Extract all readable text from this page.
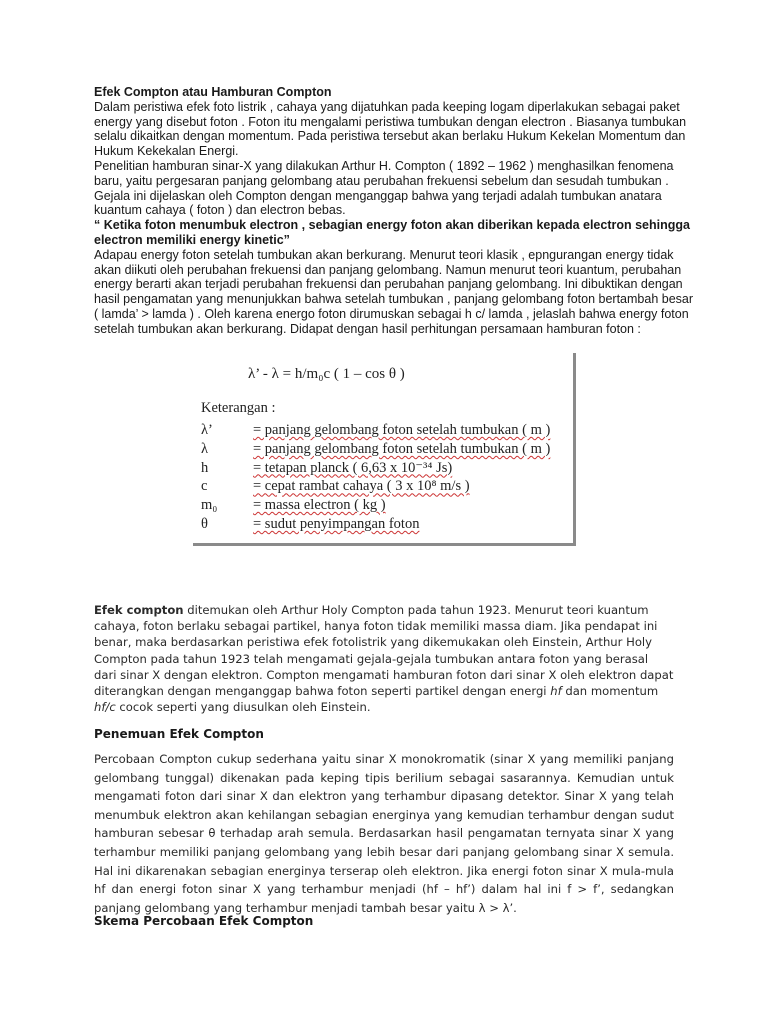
Efek Compton atau Hamburan Compton

Dalam peristiwa efek foto listrik , cahaya yang dijatuhkan pada keeping logam diperlakukan sebagai paket energy yang disebut foton . Foton itu mengalami peristiwa tumbukan dengan electron . Biasanya tumbukan selalu dikaitkan dengan momentum. Pada peristiwa tersebut akan berlaku Hukum Kekelan Momentum dan Hukum Kekekalan Energi.

Penelitian hamburan sinar-X yang dilakukan Arthur H. Compton ( 1892 – 1962 ) menghasilkan fenomena baru, yaitu pergesaran panjang gelombang atau perubahan frekuensi sebelum dan sesudah tumbukan . Gejala ini dijelaskan oleh Compton dengan menganggap bahwa yang terjadi adalah tumbukan anatara kuantum cahaya ( foton ) dan electron bebas.

“ Ketika foton menumbuk electron , sebagian energy foton akan diberikan kepada electron sehingga electron memiliki energy kinetic”

Adapau energy foton setelah tumbukan akan berkurang. Menurut teori klasik , epngurangan energy tidak akan diikuti oleh perubahan frekuensi dan panjang gelombang. Namun menurut teori kuantum, perubahan energy berarti akan terjadi perubahan frekuensi dan perubahan panjang gelombang. Ini dibuktikan dengan hasil pengamatan yang menunjukkan bahwa setelah tumbukan , panjang gelombang foton bertambah besar ( lamda’ > lamda ) . Oleh karena energo foton dirumuskan sebagai h c/ lamda , jelaslah bahwa energy foton setelah tumbukan akan berkurang. Didapat dengan hasil perhitungan persamaan hamburan foton :

λ’ - λ = h/m₀c ( 1 – cos θ )
Keterangan :
λ’	= panjang gelombang foton setelah tumbukan ( m )
λ	= panjang gelombang foton setelah tumbukan ( m )
h	= tetapan planck ( 6,63 x 10⁻³⁴ Js)
c	= cepat rambat cahaya ( 3 x 10⁸ m/s )
m₀	= massa electron ( kg )
θ	= sudut penyimpangan foton

Efek compton ditemukan oleh Arthur Holy Compton pada tahun 1923. Menurut teori kuantum cahaya, foton berlaku sebagai partikel, hanya foton tidak memiliki massa diam. Jika pendapat ini benar, maka berdasarkan peristiwa efek fotolistrik yang dikemukakan oleh Einstein, Arthur Holy Compton pada tahun 1923 telah mengamati gejala-gejala tumbukan antara foton yang berasal dari sinar X dengan elektron. Compton mengamati hamburan foton dari sinar X oleh elektron dapat diterangkan dengan menganggap bahwa foton seperti partikel dengan energi hf dan momentum hf/c cocok seperti yang diusulkan oleh Einstein.

Penemuan Efek Compton

Percobaan Compton cukup sederhana yaitu sinar X monokromatik (sinar X yang memiliki panjang gelombang tunggal) dikenakan pada keping tipis berilium sebagai sasarannya. Kemudian untuk mengamati foton dari sinar X dan elektron yang terhambur dipasang detektor. Sinar X yang telah menumbuk elektron akan kehilangan sebagian energinya yang kemudian terhambur dengan sudut hamburan sebesar θ terhadap arah semula. Berdasarkan hasil pengamatan ternyata sinar X yang terhambur memiliki panjang gelombang yang lebih besar dari panjang gelombang sinar X semula. Hal ini dikarenakan sebagian energinya terserap oleh elektron. Jika energi foton sinar X mula-mula hf dan energi foton sinar X yang terhambur menjadi (hf – hf’) dalam hal ini f > f’, sedangkan panjang gelombang yang terhambur menjadi tambah besar yaitu λ > λ’.

Skema Percobaan Efek Compton
